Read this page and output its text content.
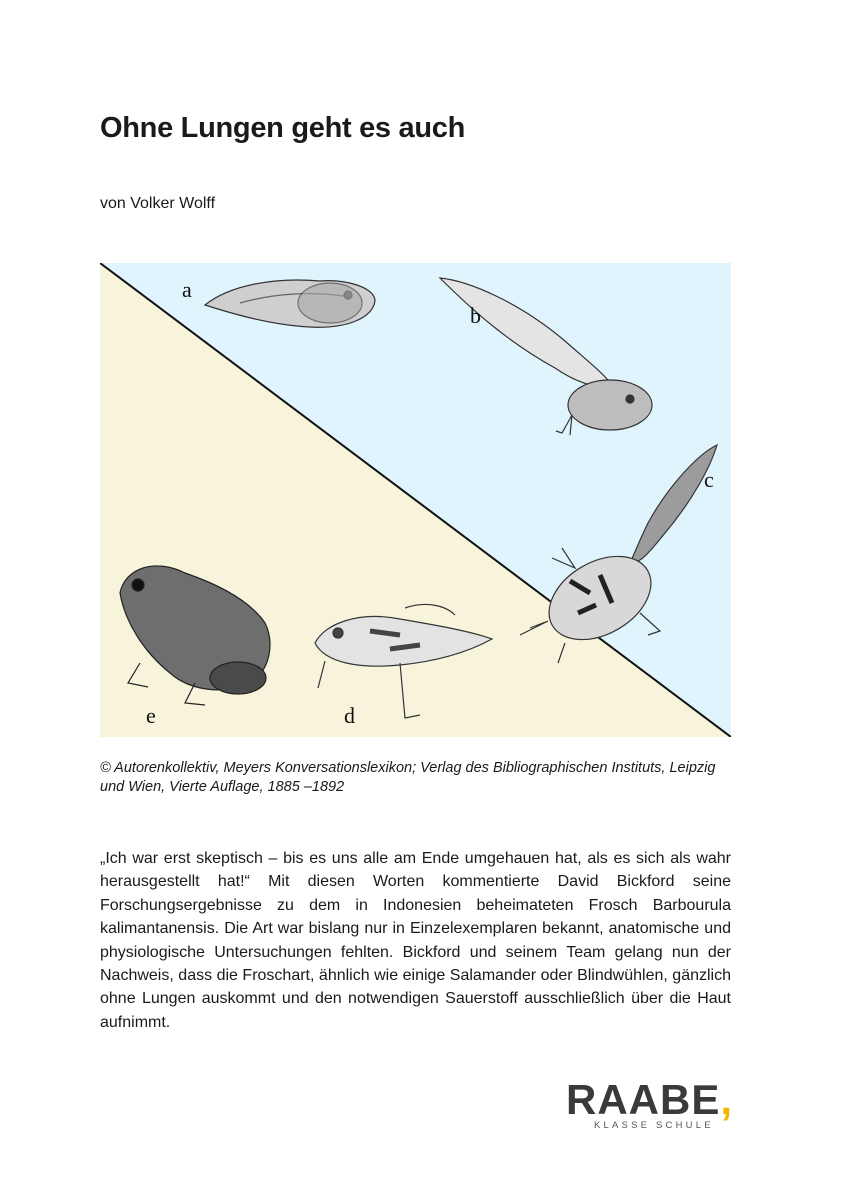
Ohne Lungen geht es auch
von Volker Wolff
a
b
c
d
e
© Autorenkollektiv, Meyers Konversationslexikon; Verlag des Bibliographischen Instituts, Leipzig und Wien, Vierte Auflage, 1885 –1892

„Ich war erst skeptisch – bis es uns alle am Ende umgehauen hat, als es sich als wahr herausgestellt hat!“ Mit diesen Worten kommentierte David Bickford seine Forschungsergebnisse zu dem in Indonesien beheimateten Frosch Barbourula kalimantanensis. Die Art war bislang nur in Einzelexemplaren bekannt, anatomische und physiologische Untersuchungen fehlten. Bickford und seinem Team gelang nun der Nachweis, dass die Froschart, ähnlich wie einige Salamander oder Blindwühlen, gänzlich ohne Lungen auskommt und den notwendigen Sauerstoff ausschließlich über die Haut aufnimmt.

RAABE,
KLASSE SCHULE
